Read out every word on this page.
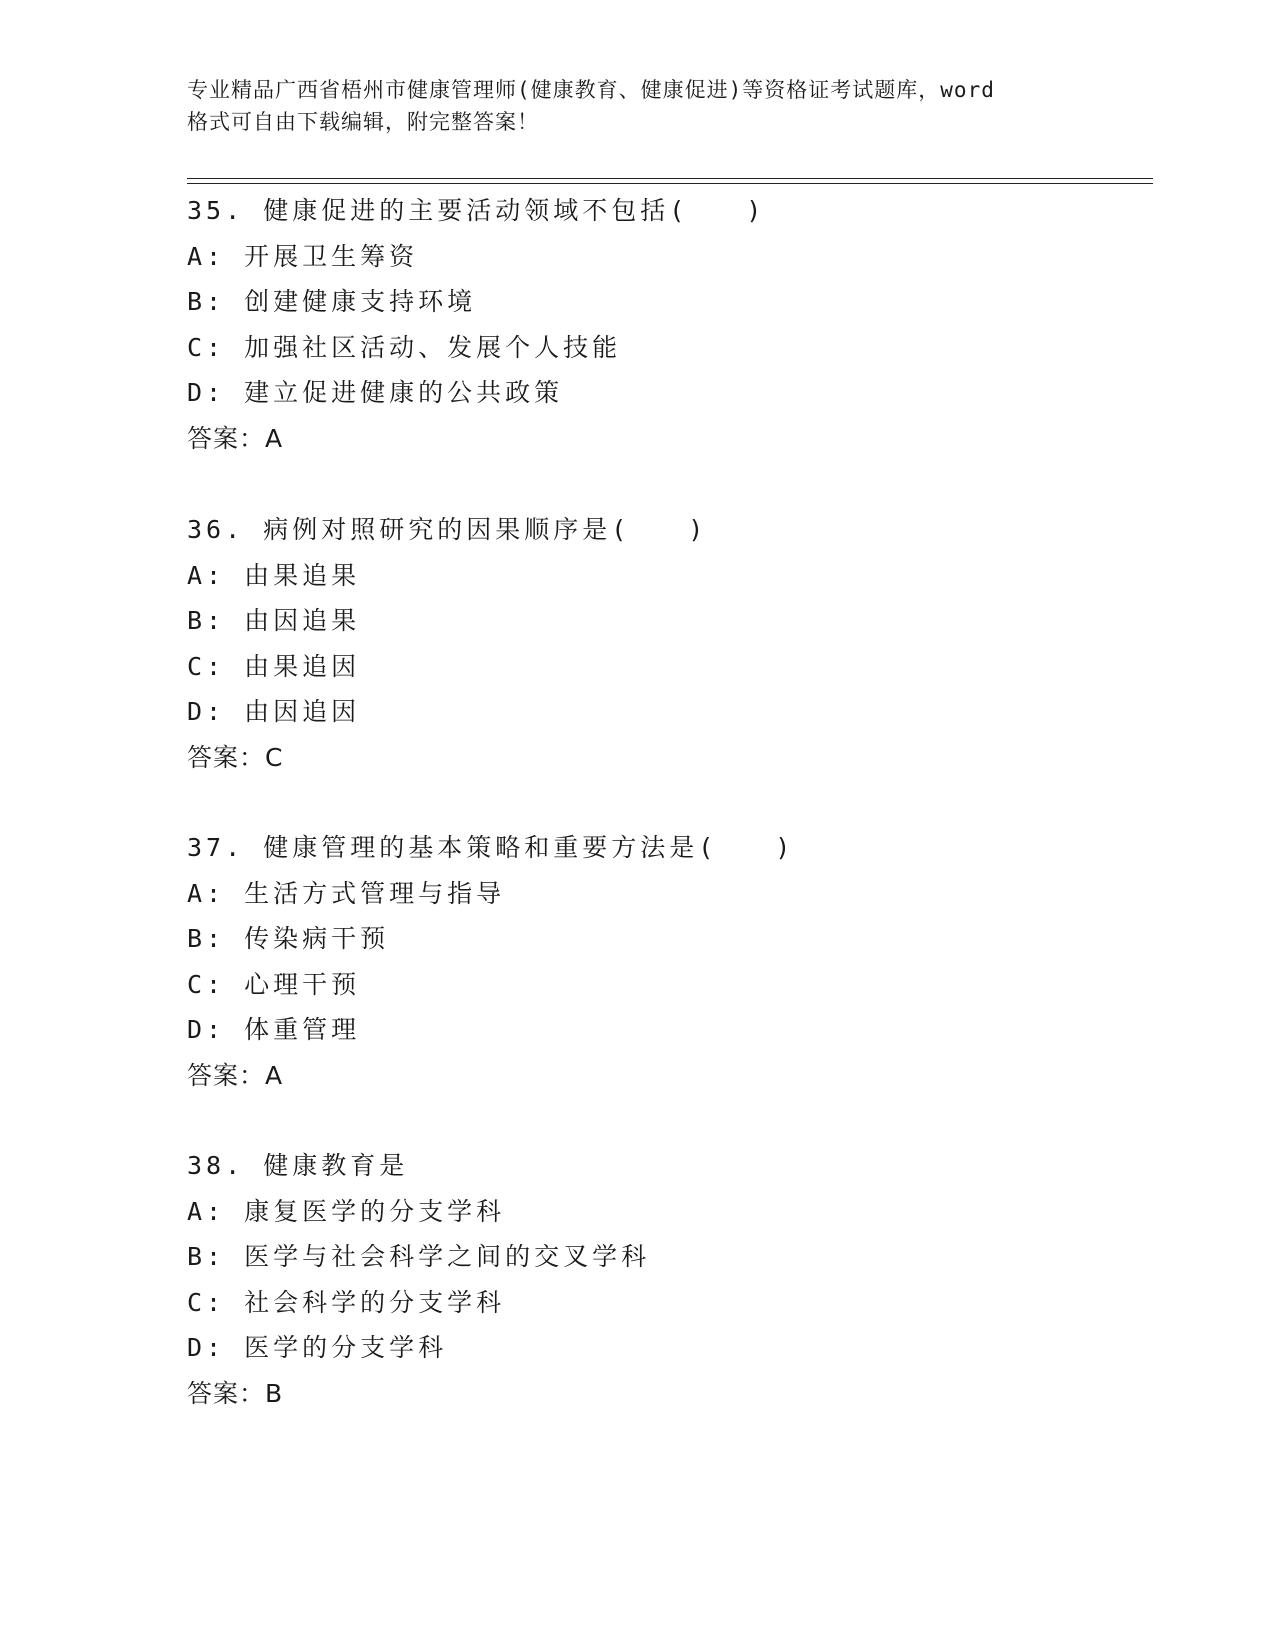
专业精品广西省梧州市健康管理师(健康教育、健康促进)等资格证考试题库，word
格式可自由下载编辑，附完整答案！
35. 健康促进的主要活动领域不包括(　　)
A: 开展卫生筹资
B: 创建健康支持环境
C: 加强社区活动、发展个人技能
D: 建立促进健康的公共政策
答案：A
36. 病例对照研究的因果顺序是(　　)
A: 由果追果
B: 由因追果
C: 由果追因
D: 由因追因
答案：C
37. 健康管理的基本策略和重要方法是(　　)
A: 生活方式管理与指导
B: 传染病干预
C: 心理干预
D: 体重管理
答案：A
38. 健康教育是
A: 康复医学的分支学科
B: 医学与社会科学之间的交叉学科
C: 社会科学的分支学科
D: 医学的分支学科
答案：B
